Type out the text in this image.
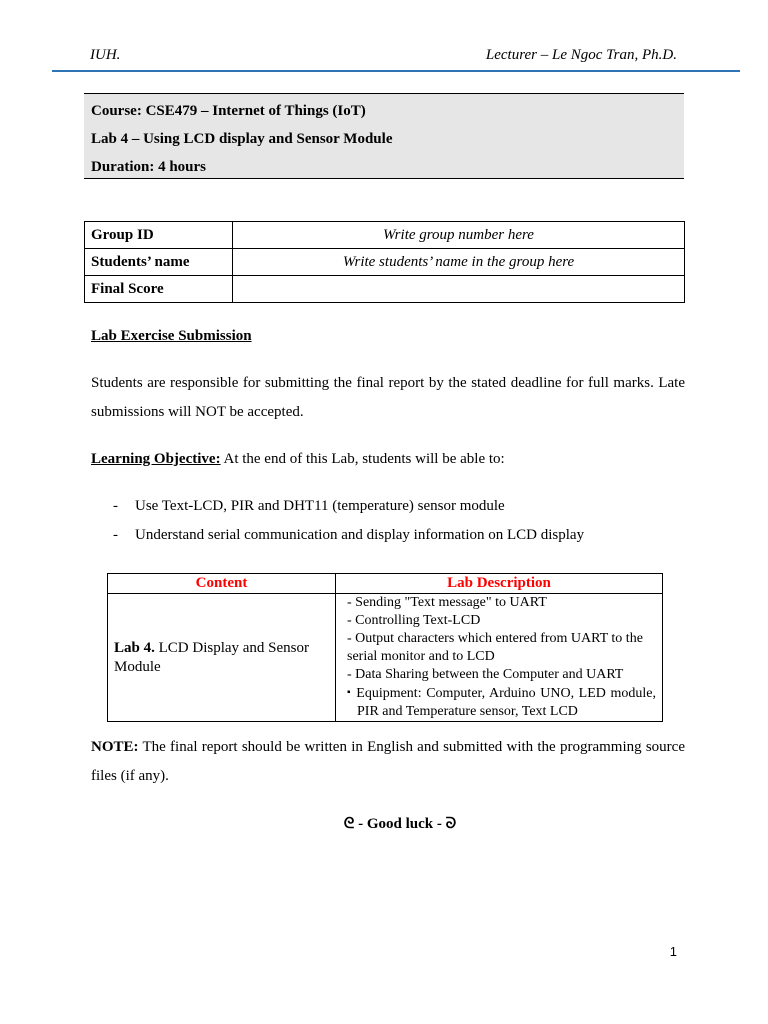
IUH.	Lecturer – Le Ngoc Tran, Ph.D.
Course: CSE479 – Internet of Things (IoT)
Lab 4 – Using LCD display and Sensor Module
Duration: 4 hours
Group ID	Write group number here
Students’ name	Write students’ name in the group here
Final Score	
Lab Exercise Submission
Students are responsible for submitting the final report by the stated deadline for full marks. Late submissions will NOT be accepted.
Learning Objective: At the end of this Lab, students will be able to:
- Use Text-LCD, PIR and DHT11 (temperature) sensor module
- Understand serial communication and display information on LCD display
Content	Lab Description
Lab 4. LCD Display and Sensor Module	- Sending "Text message" to UART
- Controlling Text-LCD
- Output characters which entered from UART to the serial monitor and to LCD
- Data Sharing between the Computer and UART
▪ Equipment: Computer, Arduino UNO, LED module, PIR and Temperature sensor, Text LCD
NOTE: The final report should be written in English and submitted with the programming source files (if any).
ᘓ - Good luck - ᘐ
1
